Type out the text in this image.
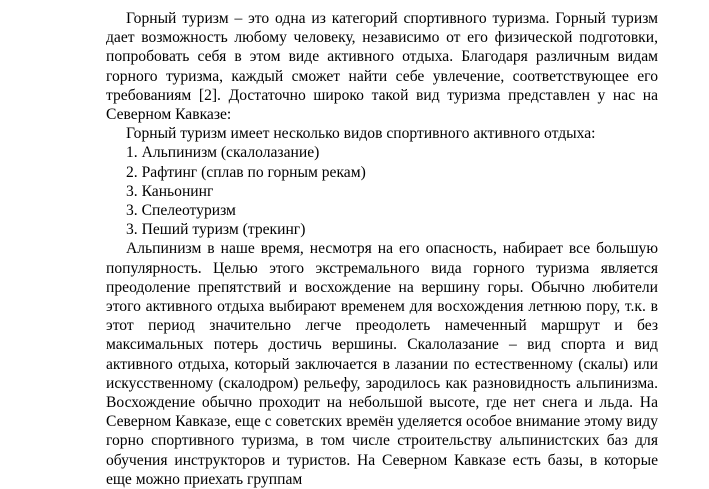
Горный туризм – это одна из категорий спортивного туризма. Горный туризм дает возможность любому человеку, независимо от его физической подготовки, попробовать себя в этом виде активного отдыха. Благодаря различным видам горного туризма, каждый сможет найти себе увлечение, соответствующее его требованиям [2]. Достаточно широко такой вид туризма представлен у нас на Северном Кавказе:

Горный туризм имеет несколько видов спортивного активного отдыха:

1. Альпинизм (скалолазание)
2. Рафтинг (сплав по горным рекам)
3. Каньонинг
3. Спелеотуризм
3. Пеший туризм (трекинг)

Альпинизм в наше время, несмотря на его опасность, набирает все большую популярность. Целью этого экстремального вида горного туризма является преодоление препятствий и восхождение на вершину горы. Обычно любители этого активного отдыха выбирают временем для восхождения летнюю пору, т.к. в этот период значительно легче преодолеть намеченный маршрут и без максимальных потерь достичь вершины. Скалолазание – вид спорта и вид активного отдыха, который заключается в лазании по естественному (скалы) или искусственному (скалодром) рельефу, зародилось как разновидность альпинизма. Восхождение обычно проходит на небольшой высоте, где нет снега и льда. На Северном Кавказе, еще с советских времён уделяется особое внимание этому виду горно спортивного туризма, в том числе строительству альпинистских баз для обучения инструкторов и туристов. На Северном Кавказе есть базы, в которые еще можно приехать группам
